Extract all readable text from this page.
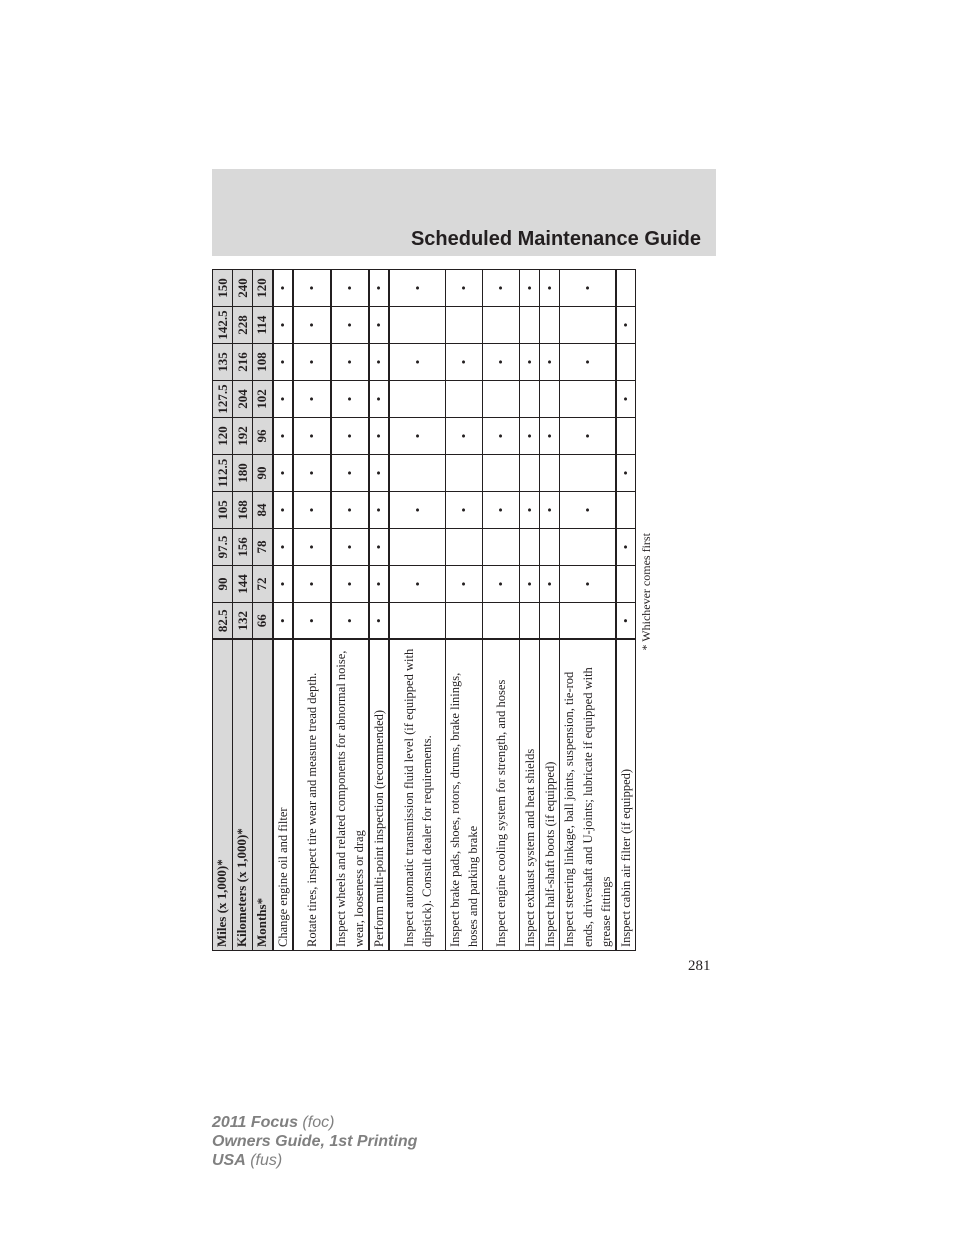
Scheduled Maintenance Guide
Miles (x 1,000)*	82.5	90	97.5	105	112.5	120	127.5	135	142.5	150
Kilometers (x 1,000)*	132	144	156	168	180	192	204	216	228	240
Months*	66	72	78	84	90	96	102	108	114	120
Change engine oil and filter	•	•	•	•	•	•	•	•	•	•
Rotate tires, inspect tire wear and measure tread depth.	•	•	•	•	•	•	•	•	•	•
Inspect wheels and related components for abnormal noise, wear, looseness or drag	•	•	•	•	•	•	•	•	•	•
Perform multi-point inspection (recommended)	•	•	•	•	•	•	•	•	•	•
Inspect automatic transmission fluid level (if equipped with dipstick). Consult dealer for requirements.		•		•		•		•		•
Inspect brake pads, shoes, rotors, drums, brake linings, hoses and parking brake		•		•		•		•		•
Inspect engine cooling system for strength, and hoses		•		•		•		•		•
Inspect exhaust system and heat shields		•		•		•		•		•
Inspect half-shaft boots (if equipped)		•		•		•		•		•
Inspect steering linkage, ball joints, suspension, tie-rod ends, driveshaft and U-joints; lubricate if equipped with grease fittings		•		•		•		•		•
Inspect cabin air filter (if equipped)	•		•		•		•		•	
* Whichever comes first										
281
2011 Focus (foc)
Owners Guide, 1st Printing
USA (fus)
